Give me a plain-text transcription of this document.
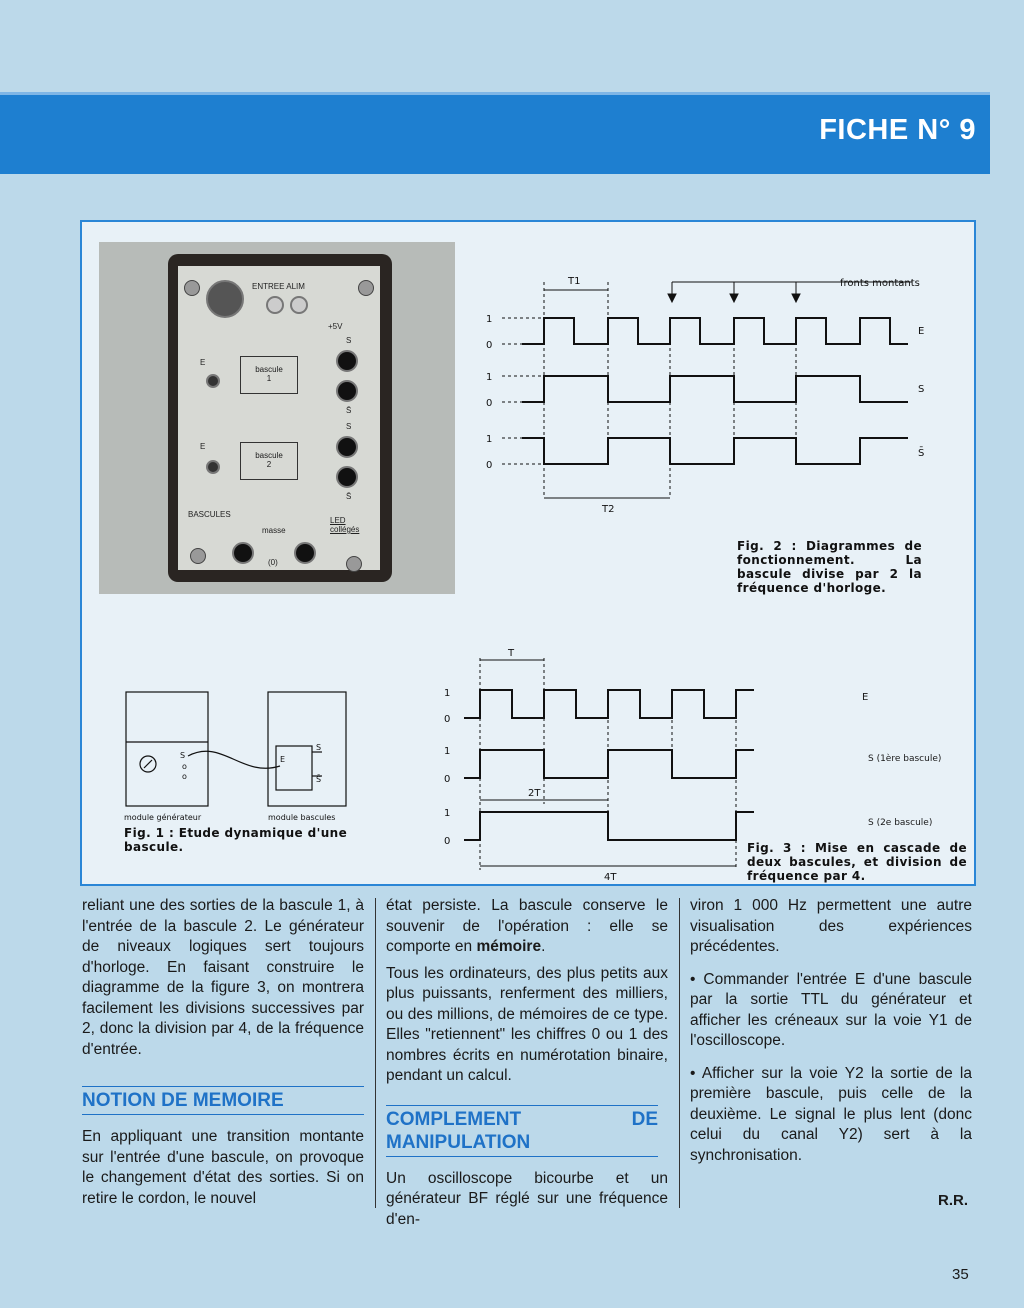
FICHE N° 9
ENTREE ALIM
+5V
E
bascule
1
S
S̄
E
bascule
2
S
S̄
BASCULES
masse
LED
collégés
(0)
T1
T2
fronts montants
1
0
1
0
1
0
E
S
S̄
Fig. 2 : Diagrammes de fonctionnement. La bascule divise par 2 la fréquence d'horloge.
S
o
o
E
S
S̄
module générateur	module bascules
Fig. 1 : Etude dynamique d'une bascule.
T
2T
4T
1
0
1
0
1
0
E
S (1ère bascule)
S (2e bascule)
Fig. 3 : Mise en cascade de deux bascules, et division de fréquence par 4.

reliant une des sorties de la bascule 1, à l'entrée de la bascule 2. Le générateur de niveaux logiques sert toujours d'horloge. En faisant construire le diagramme de la figure 3, on montrera facilement les divisions successives par 2, donc la division par 4, de la fréquence d'entrée.

NOTION DE MEMOIRE

En appliquant une transition montante sur l'entrée d'une bascule, on provoque le changement d'état des sorties. Si on retire le cordon, le nouvel

état persiste. La bascule conserve le souvenir de l'opération : elle se comporte en mémoire.

Tous les ordinateurs, des plus petits aux plus puissants, renferment des milliers, ou des millions, de mémoires de ce type. Elles "retiennent" les chiffres 0 ou 1 des nombres écrits en numérotation binaire, pendant un calcul.

COMPLEMENT DE MANIPULATION

Un oscilloscope bicourbe et un générateur BF réglé sur une fréquence d'en-

viron 1 000 Hz permettent une autre visualisation des expériences précédentes.

• Commander l'entrée E d'une bascule par la sortie TTL du générateur et afficher les créneaux sur la voie Y1 de l'oscilloscope.

• Afficher sur la voie Y2 la sortie de la première bascule, puis celle de la deuxième. Le signal le plus lent (donc celui du canal Y2) sert à la synchronisation.

R.R.
35
